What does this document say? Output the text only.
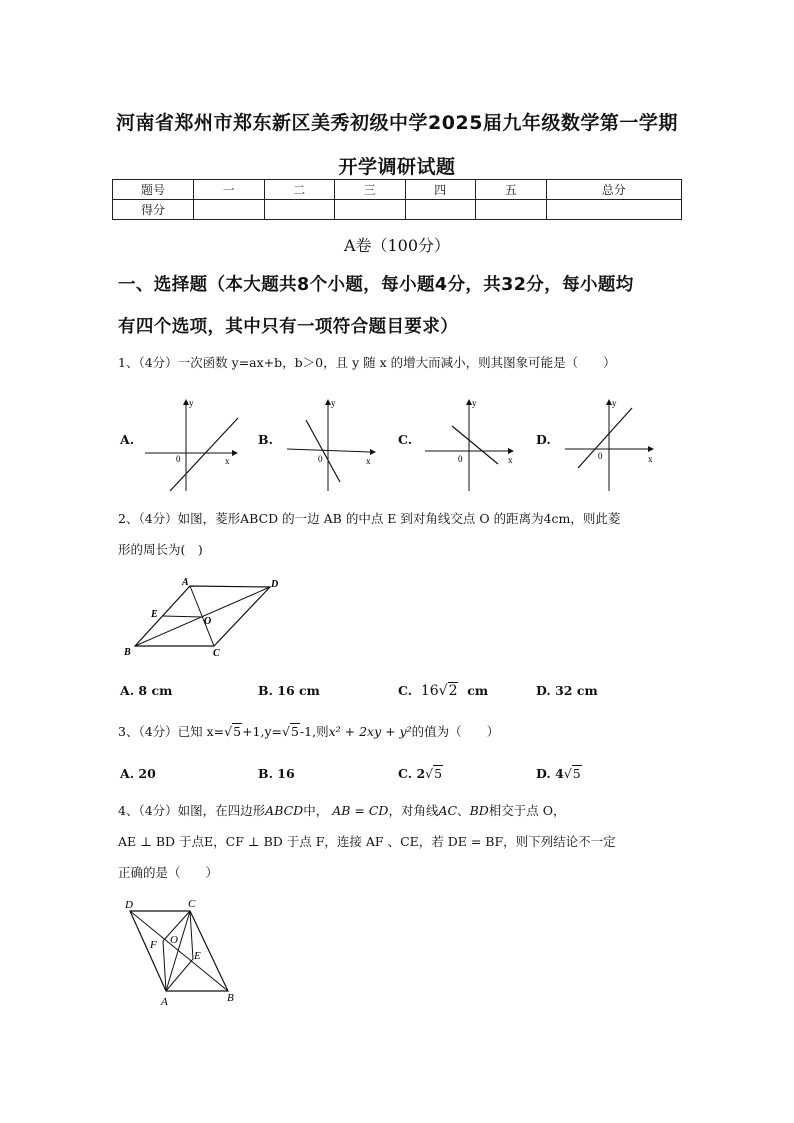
河南省郑州市郑东新区美秀初级中学2025届九年级数学第一学期
开学调研试题
题号	一	二	三	四	五	总分
得分						
A卷（100分）
一、选择题（本大题共8个小题，每小题4分，共32分，每小题均
有四个选项，其中只有一项符合题目要求）
1、（4分）一次函数 y=ax+b，b＞0，且 y 随 x 的增大而减小，则其图象可能是（　　）
A.	B.	C.	D.
y
x
0
y
x
0
y
x
0
y
x
0
2、（4分）如图，菱形ABCD 的一边 AB 的中点 E 到对角线交点 O 的距离为4cm，则此菱
形的周长为(　)
A	D
B	C
E
O
A. 8 cm	B. 16 cm	C. 16√2 cm	D. 32 cm
3、（4分）已知 x=√5+1,y=√5-1,则x² + 2xy + y²的值为（　　）
A. 20	B. 16	C. 2√5	D. 4√5
4、（4分）如图，在四边形ABCD中， AB = CD，对角线AC、BD相交于点 O，
AE ⊥ BD 于点E，CF ⊥ BD 于点 F，连接 AF 、CE，若 DE = BF，则下列结论不一定
正确的是（　　）
D	C
A	B
F O
E
